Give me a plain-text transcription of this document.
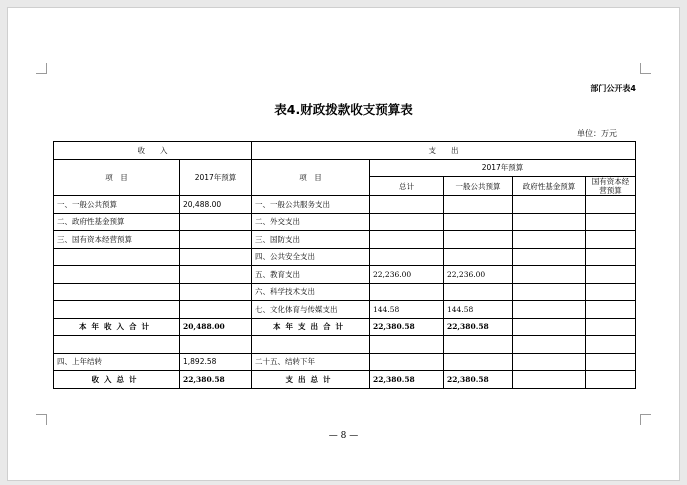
部门公开表4
表4.财政拨款收支预算表
单位：万元
收　　入		支　　出				
项　目	2017年预算	项　目	2017年预算			
			总计	一般公共预算	政府性基金预算	国有资本经营预算
一、一般公共预算	20,488.00	一、一般公共服务支出				
二、政府性基金预算		二、外交支出				
三、国有资本经营预算		三、国防支出				
		四、公共安全支出				
		五、教育支出	22,236.00	22,236.00		
		六、科学技术支出				
		七、文化体育与传媒支出	144.58	144.58		
本年收入合计	20,488.00	本年支出合计	22,380.58	22,380.58		

四、上年结转	1,892.58	二十五、结转下年				
收入总计	22,380.58	支出总计	22,380.58	22,380.58		
— 8 —
